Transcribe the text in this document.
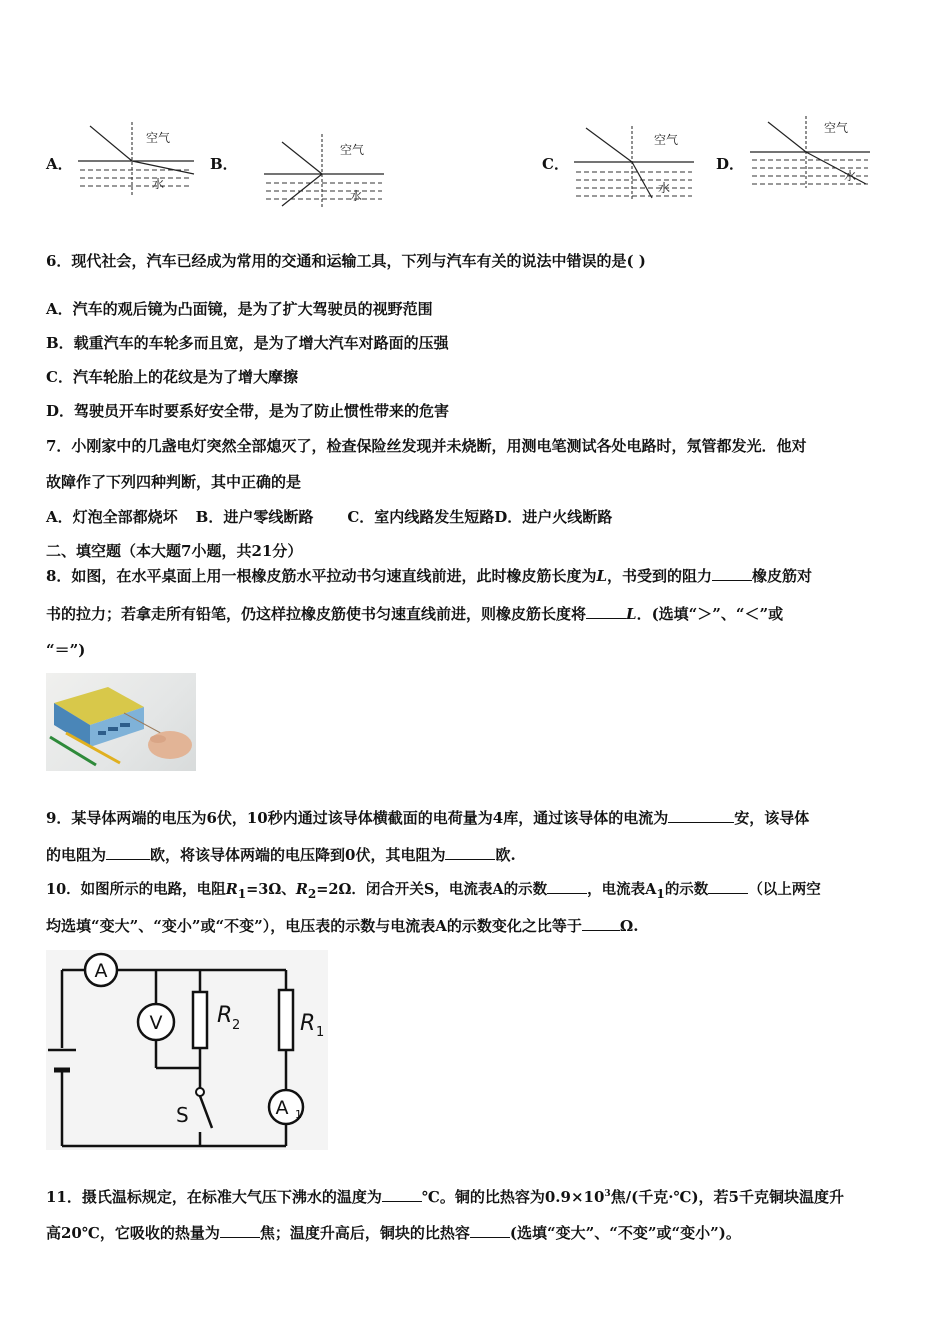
A．
空气
水
B．
空气
水
C．
空气
水
D．
空气
水
6．现代社会，汽车已经成为常用的交通和运输工具，下列与汽车有关的说法中错误的是( )
A．汽车的观后镜为凸面镜，是为了扩大驾驶员的视野范围
B．载重汽车的车轮多而且宽，是为了增大汽车对路面的压强
C．汽车轮胎上的花纹是为了增大摩擦
D．驾驶员开车时要系好安全带，是为了防止惯性带来的危害
7．小刚家中的几盏电灯突然全部熄灭了，检查保险丝发现并未烧断，用测电笔测试各处电路时，氖管都发光．他对
故障作了下列四种判断，其中正确的是
A．灯泡全部都烧坏 B．进户零线断路 C．室内线路发生短路D．进户火线断路
二、填空题（本大题7小题，共21分）
8．如图，在水平桌面上用一根橡皮筋水平拉动书匀速直线前进，此时橡皮筋长度为L，书受到的阻力	橡皮筋对
书的拉力；若拿走所有铅笔，仍这样拉橡皮筋使书匀速直线前进，则橡皮筋长度将	L．(选填“＞”、“＜”或
“＝”)
9．某导体两端的电压为6伏，10秒内通过该导体横截面的电荷量为4库，通过该导体的电流为	安，该导体
的电阻为	欧，将该导体两端的电压降到0伏，其电阻为	欧.
10．如图所示的电路，电阻$R_1=3\Omega$、$R_2=2\Omega$．闭合开关S，电流表A的示数	，电流表$A_1$的示数	（以上两空
均选填“变大”、“变小”或“不变”），电压表的示数与电流表A的示数变化之比等于	Ω.
A
V R 2
S
R 1
A 1
11．摄氏温标规定，在标准大气压下沸水的温度为	℃。铜的比热容为$0.9\times 10^3$焦/(千克·℃)，若5千克铜块温度升
高20℃，它吸收的热量为	焦；温度升高后，铜块的比热容	(选填“变大”、“不变”或“变小”)。
